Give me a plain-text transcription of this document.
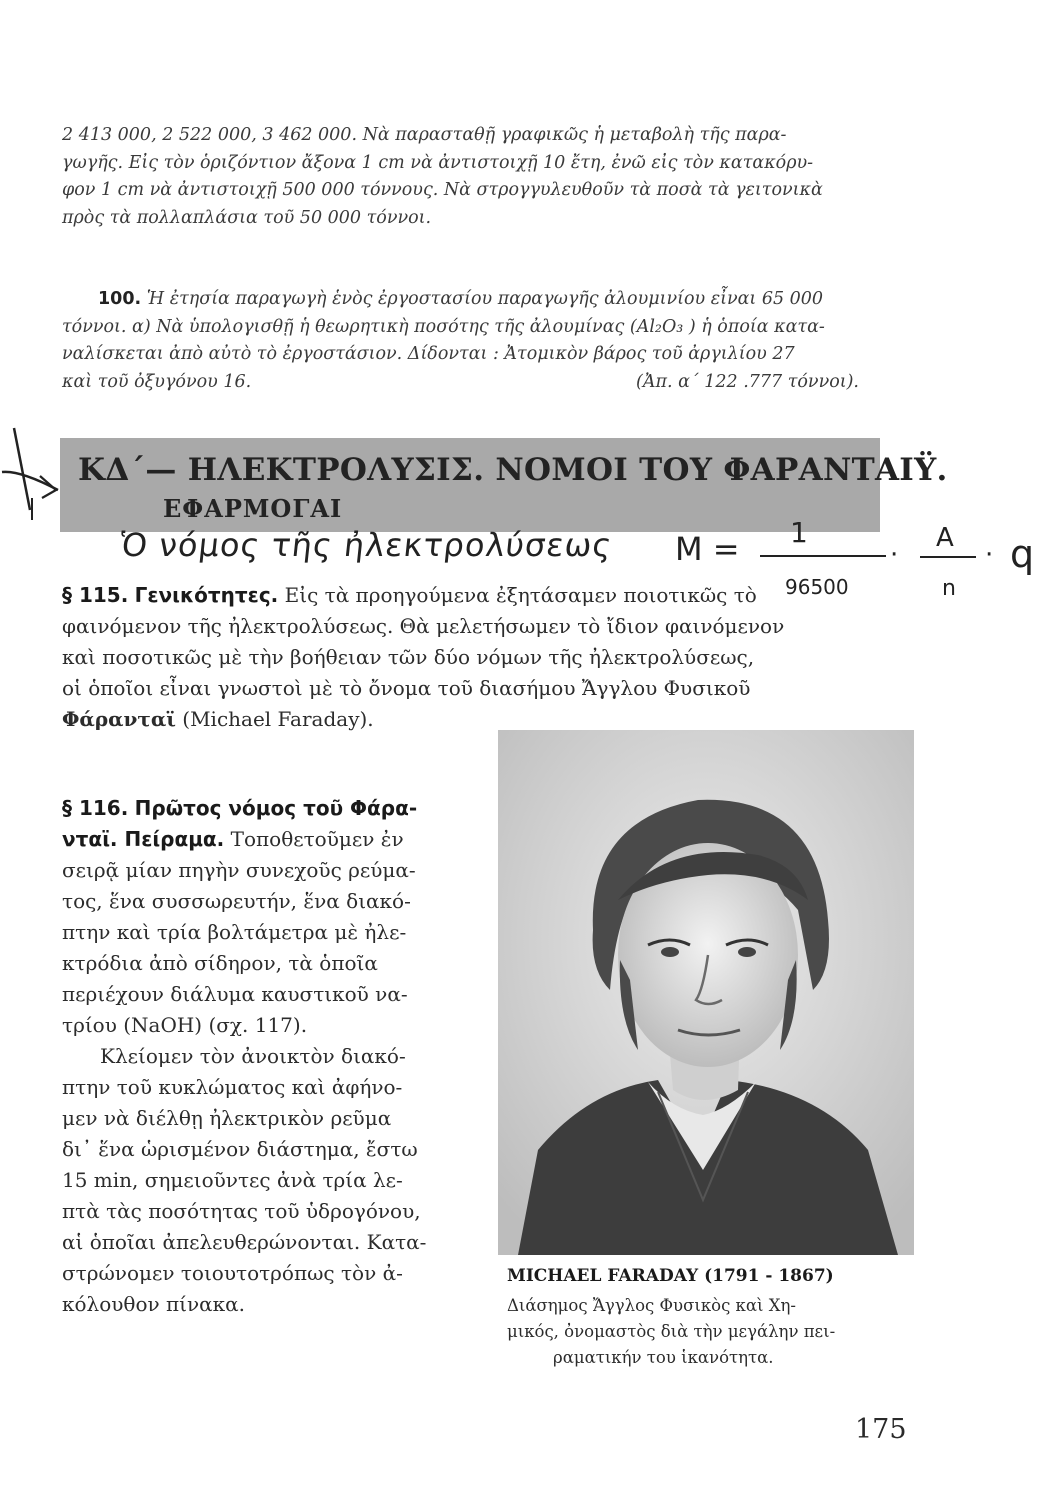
2 413 000, 2 522 000, 3 462 000. Νὰ παρασταθῇ γραφικῶς ἡ μεταβολὴ τῆς παρα-

γωγῆς. Εἰς τὸν ὁριζόντιον ἄξονα 1 cm νὰ ἀντιστοιχῇ 10 ἔτη, ἐνῶ εἰς τὸν κατακόρυ-

φον 1 cm νὰ ἀντιστοιχῇ 500 000 τόννους. Νὰ στρογγυλευθοῦν τὰ ποσὰ τὰ γειτονικὰ

πρὸς τὰ πολλαπλάσια τοῦ 50 000 τόννοι.

100. Ἡ ἐτησία παραγωγὴ ἑνὸς ἐργοστασίου παραγωγῆς ἀλουμινίου εἶναι 65 000

τόννοι. α) Νὰ ὑπολογισθῇ ἡ θεωρητικὴ ποσότης τῆς ἀλουμίνας (Al₂O₃ ) ἡ ὁποία κατα-

ναλίσκεται ἀπὸ αὐτὸ τὸ ἐργοστάσιον. Δίδονται : Ἀτομικὸν βάρος τοῦ ἀργιλίου 27

καὶ τοῦ ὀξυγόνου 16.	(Ἀπ. α΄ 122 .777 τόννοι).

ΚΔ΄— ΗΛΕΚΤΡΟΛΥΣΙΣ. ΝΟΜΟΙ ΤΟΥ ΦΑΡΑΝΤΑΙΫ.
ΕΦΑΡΜΟΓΑΙ
Ὁ νόμος τῆς ἠλεκτρολύσεως M = 1
96500
·
A
n
· q

§ 115. Γενικότητες. Εἰς τὰ προηγούμενα ἐξητάσαμεν ποιοτικῶς τὸ

φαινόμενον τῆς ἠλεκτρολύσεως. Θὰ μελετήσωμεν τὸ ἴδιον φαινόμενον

καὶ ποσοτικῶς μὲ τὴν βοήθειαν τῶν δύο νόμων τῆς ἠλεκτρολύσεως,

οἱ ὁποῖοι εἶναι γνωστοὶ μὲ τὸ ὄνομα τοῦ διασήμου Ἄγγλου Φυσικοῦ

Φάρανταϊ (Michael Faraday).

§ 116. Πρῶτος νόμος τοῦ Φάρα-

νταϊ. Πείραμα. Τοποθετοῦμεν ἐν

σειρᾷ μίαν πηγὴν συνεχοῦς ρεύμα-

τος, ἕνα συσσωρευτήν, ἕνα διακό-

πτην καὶ τρία βολτάμετρα μὲ ἠλε-

κτρόδια ἀπὸ σίδηρον, τὰ ὁποῖα

περιέχουν διάλυμα καυστικοῦ να-

τρίου (NaOH) (σχ. 117).

Κλείομεν τὸν ἀνοικτὸν διακό-

πτην τοῦ κυκλώματος καὶ ἀφήνο-

μεν νὰ διέλθῃ ἠλεκτρικὸν ρεῦμα

δι᾽ ἕνα ὡρισμένον διάστημα, ἔστω

15 min, σημειοῦντες ἀνὰ τρία λε-

πτὰ τὰς ποσότητας τοῦ ὑδρογόνου,

αἱ ὁποῖαι ἀπελευθερώνονται. Κατα-

στρώνομεν τοιουτοτρόπως τὸν ἀ-

κόλουθον πίνακα.

MICHAEL FARADAY (1791 - 1867)

Διάσημος Ἄγγλος Φυσικὸς καὶ Χη-

μικός, ὀνομαστὸς διὰ τὴν μεγάλην πει-

ραματικήν του ἱκανότητα.

175
